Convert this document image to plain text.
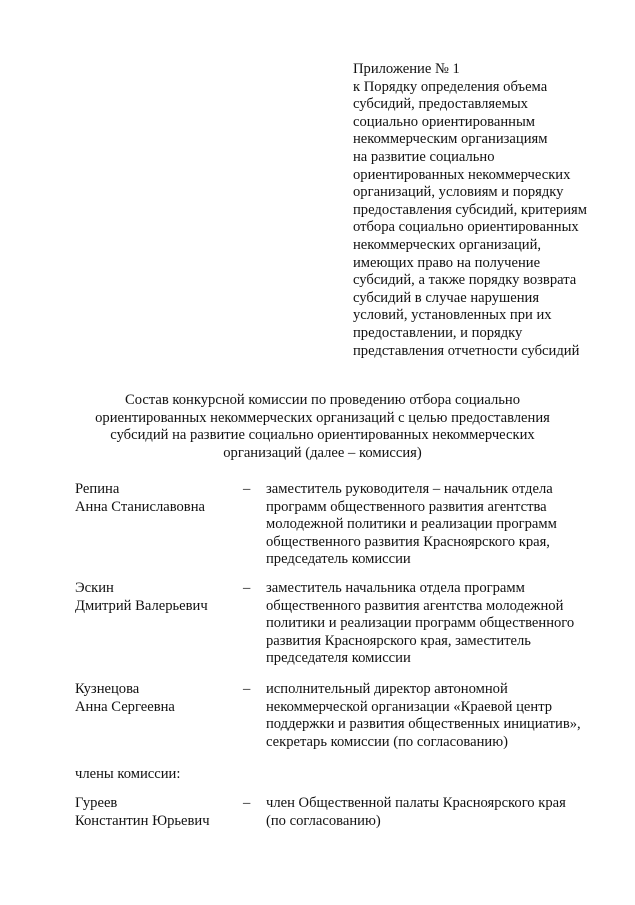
Приложение № 1
к Порядку определения объема
субсидий, предоставляемых
социально ориентированным
некоммерческим организациям
на развитие социально
ориентированных некоммерческих
организаций, условиям и порядку
предоставления субсидий, критериям
отбора социально ориентированных
некоммерческих организаций,
имеющих право на получение
субсидий, а также порядку возврата
субсидий в случае нарушения
условий, установленных при их
предоставлении, и порядку
представления отчетности субсидий
Состав конкурсной комиссии по проведению отбора социально
ориентированных некоммерческих организаций с целью предоставления
субсидий на развитие социально ориентированных некоммерческих
организаций (далее – комиссия)
Репина
Анна Станиславовна
– заместитель руководителя – начальник отдела
программ общественного развития агентства
молодежной политики и реализации программ
общественного развития Красноярского края,
председатель комиссии
Эскин
Дмитрий Валерьевич
– заместитель начальника отдела программ
общественного развития агентства молодежной
политики и реализации программ общественного
развития Красноярского края, заместитель
председателя комиссии
Кузнецова
Анна Сергеевна
– исполнительный директор автономной
некоммерческой организации «Краевой центр
поддержки и развития общественных инициатив»,
секретарь комиссии (по согласованию)
члены комиссии:
Гуреев
Константин Юрьевич
– член Общественной палаты Красноярского края
(по согласованию)
